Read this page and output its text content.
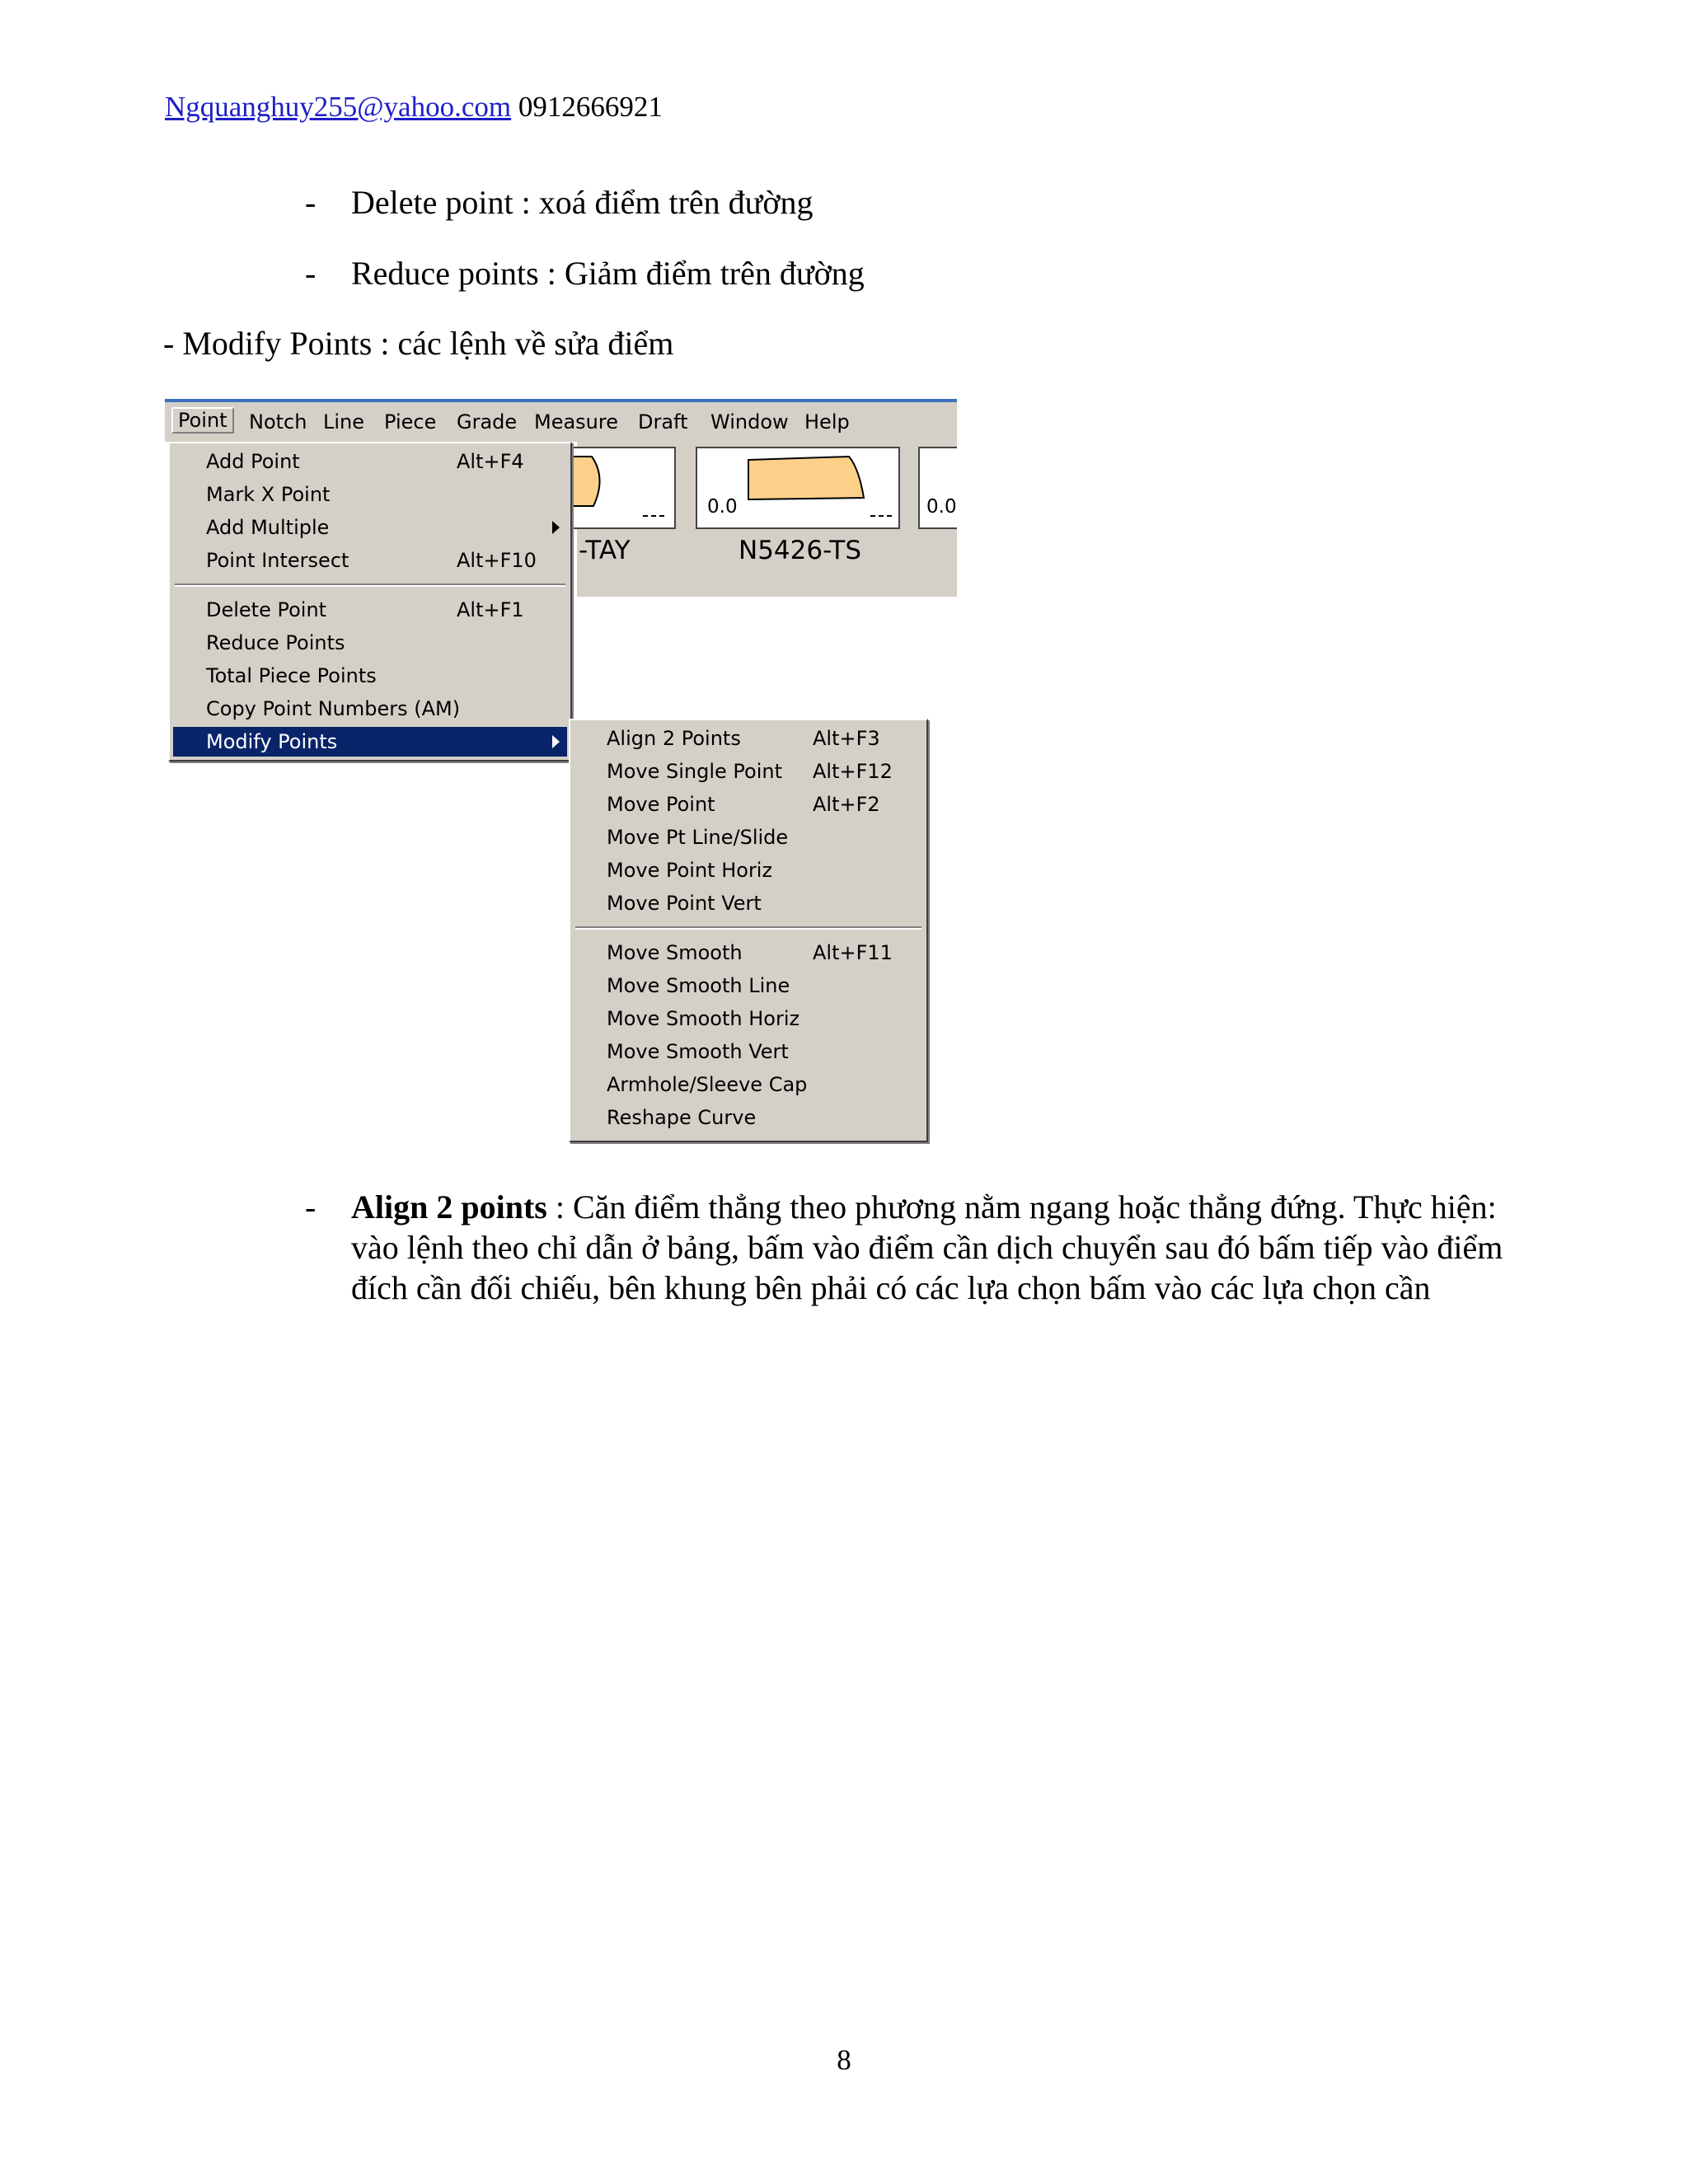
Ngquanghuy255@yahoo.com 0912666921
- Delete point : xoá điểm trên đường
- Reduce points : Giảm điểm trên đường
- Modify Points : các lệnh về sửa điểm
0.0	0.0
-TAY	N5426-TS
Point	Notch Line Piece Grade Measure Draft Window Help
Add Point	Alt+F4
Mark X Point
Add Multiple
Point Intersect	Alt+F10
Delete Point	Alt+F1
Reduce Points
Total Piece Points
Copy Point Numbers (AM)
Modify Points	Align 2 Points	Alt+F3
Move Single Point Alt+F12
Move Point	Alt+F2
Move Pt Line/Slide
Move Point Horiz
Move Point Vert
Move Smooth	Alt+F11
Move Smooth Line
Move Smooth Horiz
Move Smooth Vert
Armhole/Sleeve Cap
Reshape Curve
- Align 2 points : Căn điểm thẳng theo phương nằm ngang hoặc thẳng đứng. Thực hiện: vào lệnh theo chỉ dẫn ở bảng, bấm vào điểm cần dịch chuyển sau đó bấm tiếp vào điểm đích cần đối chiếu, bên khung bên phải có các lựa chọn bấm vào các lựa chọn cần
8
